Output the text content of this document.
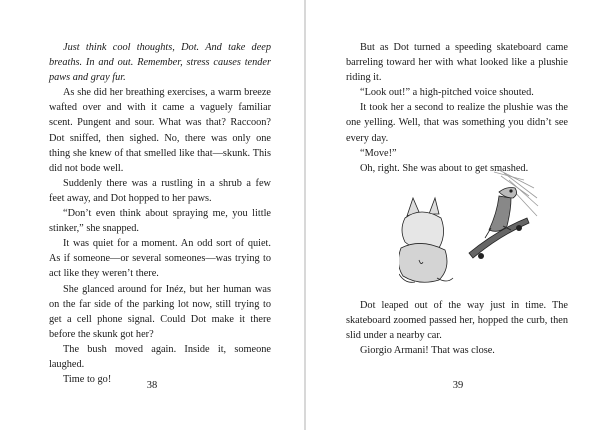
Just think cool thoughts, Dot. And take deep breaths. In and out. Remember, stress causes tender paws and gray fur.

As she did her breathing exercises, a warm breeze wafted over and with it came a vaguely familiar scent. Pungent and sour. What was that? Raccoon? Dot sniffed, then sighed. No, there was only one thing she knew of that smelled like that—skunk. This did not bode well.

Suddenly there was a rustling in a shrub a few feet away, and Dot hopped to her paws.

“Don’t even think about spraying me, you little stinker,” she snapped.

It was quiet for a moment. An odd sort of quiet. As if someone—or several someones—was trying to act like they weren’t there.

She glanced around for Inéz, but her human was on the far side of the parking lot now, still trying to get a cell phone signal. Could Dot make it there before the skunk got her?

The bush moved again. Inside it, someone laughed.

Time to go!

38

But as Dot turned a speeding skateboard came barreling toward her with what looked like a plushie riding it.

“Look out!” a high-pitched voice shouted.

It took her a second to realize the plushie was the one yelling. Well, that was something you didn’t see every day.

“Move!”

Oh, right. She was about to get smashed.

Dot leaped out of the way just in time. The skateboard zoomed passed her, hopped the curb, then slid under a nearby car.

Giorgio Armani! That was close.

39
